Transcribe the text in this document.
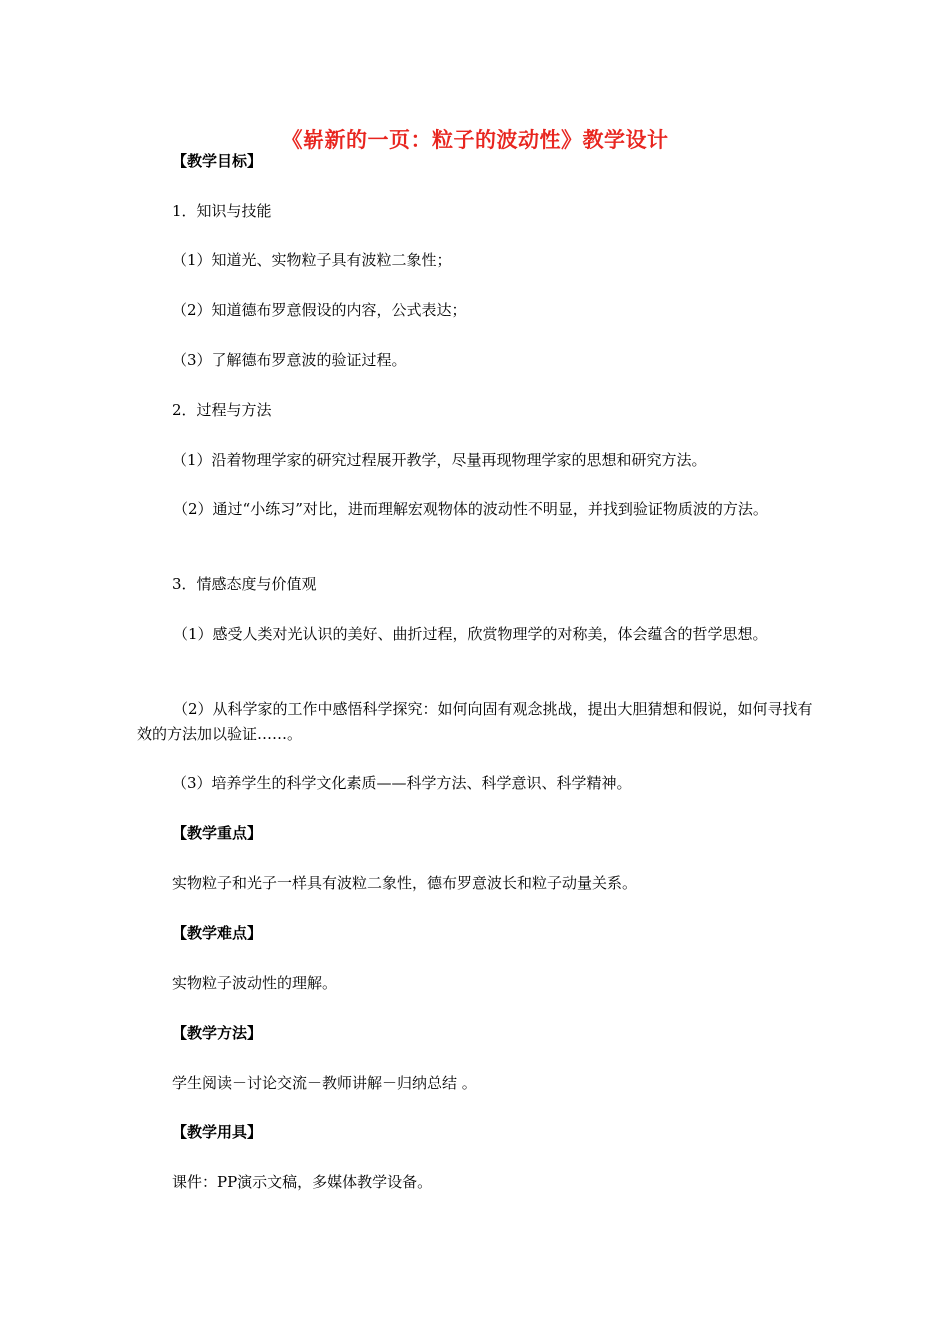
《崭新的一页：粒子的波动性》教学设计
【教学目标】
1．知识与技能
（1）知道光、实物粒子具有波粒二象性；
（2）知道德布罗意假设的内容，公式表达；
（3）了解德布罗意波的验证过程。
2．过程与方法
（1）沿着物理学家的研究过程展开教学，尽量再现物理学家的思想和研究方法。
（2）通过“小练习”对比，进而理解宏观物体的波动性不明显，并找到验证物质波的方法。
3．情感态度与价值观
（1）感受人类对光认识的美好、曲折过程，欣赏物理学的对称美，体会蕴含的哲学思想。
（2）从科学家的工作中感悟科学探究：如何向固有观念挑战，提出大胆猜想和假说，如何寻找有效的方法加以验证……。
（3）培养学生的科学文化素质——科学方法、科学意识、科学精神。
【教学重点】
实物粒子和光子一样具有波粒二象性，德布罗意波长和粒子动量关系。
【教学难点】
实物粒子波动性的理解。
【教学方法】
学生阅读－讨论交流－教师讲解－归纳总结 。
【教学用具】
课件：PP演示文稿，多媒体教学设备。
